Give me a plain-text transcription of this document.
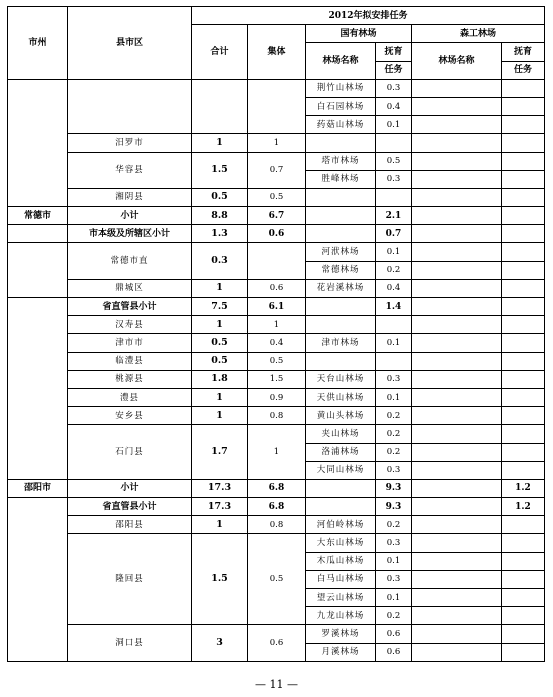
市州	县市区	2012年拟安排任务					
		合计	集体	国有林场		森工林场	
				林场名称	抚育	林场名称	抚育
					任务		任务
				荆竹山林场	0.3		
				白石园林场	0.4		
				药菇山林场	0.1		
	汨罗市	1	1				
	华容县	1.5	0.7	塔市林场	0.5		
				胜峰林场	0.3		
	湘阴县	0.5	0.5				
常德市	小计	8.8	6.7		2.1		
	市本级及所辖区小计	1.3	0.6		0.7		
	常德市直	0.3		河洑林场	0.1		
				常德林场	0.2		
	鼎城区	1	0.6	花岩溪林场	0.4		
	省直管县小计	7.5	6.1		1.4		
	汉寿县	1	1				
	津市市	0.5	0.4	津市林场	0.1		
	临澧县	0.5	0.5				
	桃源县	1.8	1.5	天台山林场	0.3		
	澧县	1	0.9	天供山林场	0.1		
	安乡县	1	0.8	黄山头林场	0.2		
	石门县	1.7	1	夹山林场	0.2		
				洛浦林场	0.2		
				大同山林场	0.3		
邵阳市	小计	17.3	6.8		9.3		1.2
	省直管县小计	17.3	6.8		9.3		1.2
	邵阳县	1	0.8	河伯岭林场	0.2		
	隆回县	1.5	0.5	大东山林场	0.3		
				木瓜山林场	0.1		
				白马山林场	0.3		
				望云山林场	0.1		
				九龙山林场	0.2		
	洞口县	3	0.6	罗溪林场	0.6		
				月溪林场	0.6		
— 11 —
